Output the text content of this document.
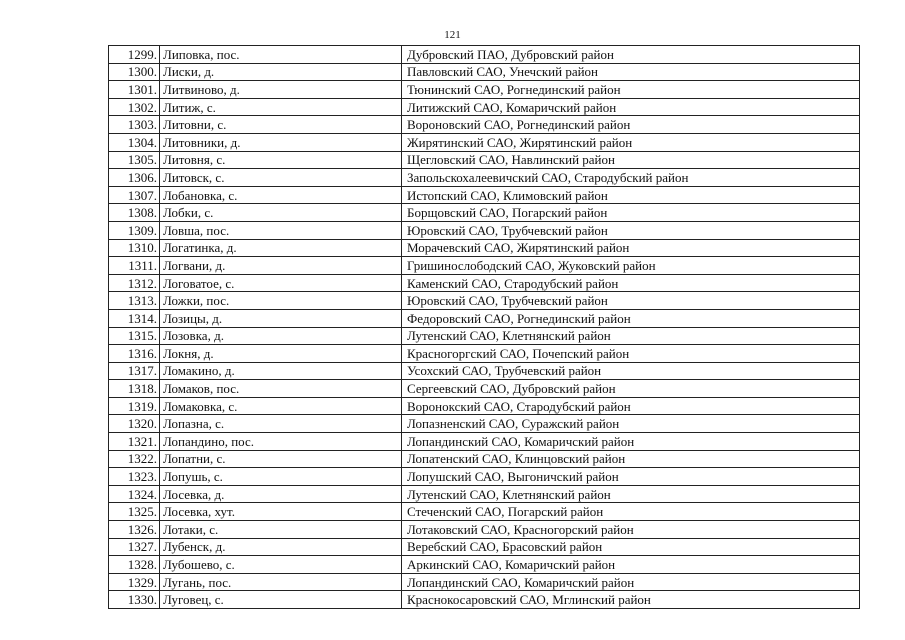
121
1299.	Липовка, пос.	Дубровский ПАО, Дубровский район
1300.	Лиски, д.	Павловский САО, Унечский район
1301.	Литвиново, д.	Тюнинский САО, Рогнединский район
1302.	Литиж, с.	Литижский САО, Комаричский район
1303.	Литовни, с.	Вороновский САО, Рогнединский район
1304.	Литовники, д.	Жирятинский САО, Жирятинский район
1305.	Литовня, с.	Щегловский САО, Навлинский район
1306.	Литовск, с.	Запольскохалеевичский САО, Стародубский район
1307.	Лобановка, с.	Истопский САО, Климовский район
1308.	Лобки, с.	Борщовский САО, Погарский район
1309.	Ловша, пос.	Юровский САО, Трубчевский район
1310.	Логатинка, д.	Морачевский САО, Жирятинский район
1311.	Логвани, д.	Гришинослободский САО, Жуковский район
1312.	Логоватое, с.	Каменский САО, Стародубский район
1313.	Ложки, пос.	Юровский САО, Трубчевский район
1314.	Лозицы, д.	Федоровский САО, Рогнединский район
1315.	Лозовка, д.	Лутенский САО, Клетнянский район
1316.	Локня, д.	Красногоргский САО, Почепский район
1317.	Ломакино, д.	Усохский САО, Трубчевский район
1318.	Ломаков, пос.	Сергеевский САО, Дубровский район
1319.	Ломаковка, с.	Воронокский САО, Стародубский район
1320.	Лопазна, с.	Лопазненский САО, Суражский район
1321.	Лопандино, пос.	Лопандинский САО, Комаричский район
1322.	Лопатни, с.	Лопатенский САО, Клинцовский район
1323.	Лопушь, с.	Лопушский САО, Выгоничский район
1324.	Лосевка, д.	Лутенский САО, Клетнянский район
1325.	Лосевка, хут.	Стеченский САО, Погарский район
1326.	Лотаки, с.	Лотаковский САО, Красногорский район
1327.	Лубенск, д.	Веребский САО, Брасовский район
1328.	Лубошево, с.	Аркинский САО, Комаричский район
1329.	Лугань, пос.	Лопандинский САО, Комаричский район
1330.	Луговец, с.	Краснокосаровский САО, Мглинский район
